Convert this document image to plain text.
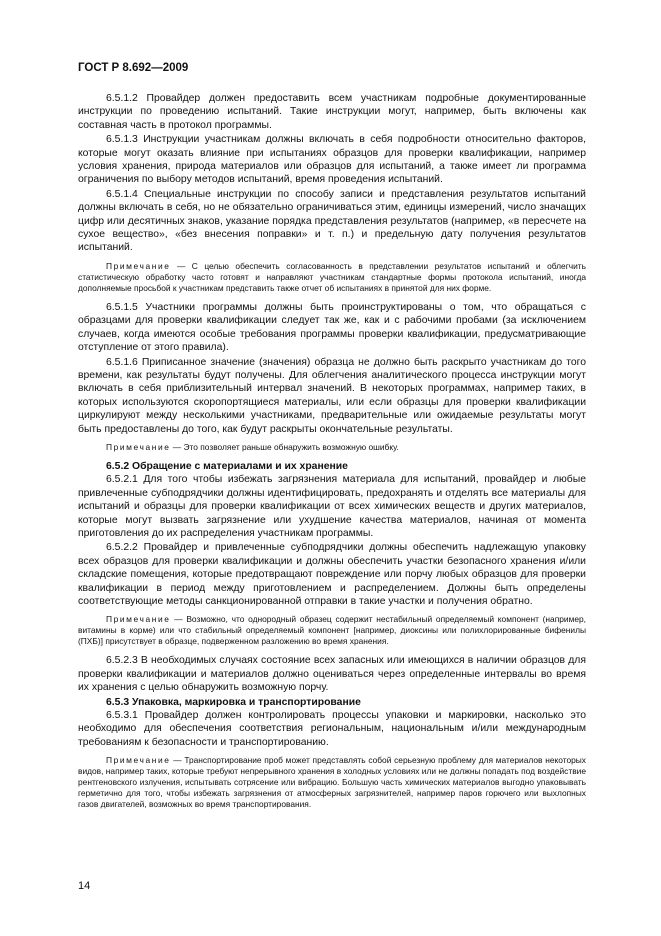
ГОСТ Р 8.692—2009

6.5.1.2 Провайдер должен предоставить всем участникам подробные документированные инструкции по проведению испытаний. Такие инструкции могут, например, быть включены как составная часть в протокол программы.

6.5.1.3 Инструкции участникам должны включать в себя подробности относительно факторов, которые могут оказать влияние при испытаниях образцов для проверки квалификации, например условия хранения, природа материалов или образцов для испытаний, а также имеет ли программа ограничения по выбору методов испытаний, время проведения испытаний.

6.5.1.4 Специальные инструкции по способу записи и представления результатов испытаний должны включать в себя, но не обязательно ограничиваться этим, единицы измерений, число значащих цифр или десятичных знаков, указание порядка представления результатов (например, «в пересчете на сухое вещество», «без внесения поправки» и т. п.) и предельную дату получения результатов испытаний.

Примечание — С целью обеспечить согласованность в представлении результатов испытаний и облегчить статистическую обработку часто готовят и направляют участникам стандартные формы протокола испытаний, иногда дополняемые просьбой к участникам представить также отчет об испытаниях в принятой для них форме.

6.5.1.5 Участники программы должны быть проинструктированы о том, что обращаться с образцами для проверки квалификации следует так же, как и с рабочими пробами (за исключением случаев, когда имеются особые требования программы проверки квалификации, предусматривающие отступление от этого правила).

6.5.1.6 Приписанное значение (значения) образца не должно быть раскрыто участникам до того времени, как результаты будут получены. Для облегчения аналитического процесса инструкции могут включать в себя приблизительный интервал значений. В некоторых программах, например таких, в которых используются скоропортящиеся материалы, или если образцы для проверки квалификации циркулируют между несколькими участниками, предварительные или ожидаемые результаты могут быть предоставлены до того, как будут раскрыты окончательные результаты.

Примечание — Это позволяет раньше обнаружить возможную ошибку.

6.5.2 Обращение с материалами и их хранение

6.5.2.1 Для того чтобы избежать загрязнения материала для испытаний, провайдер и любые привлеченные субподрядчики должны идентифицировать, предохранять и отделять все материалы для испытаний и образцы для проверки квалификации от всех химических веществ и других материалов, которые могут вызвать загрязнение или ухудшение качества материалов, начиная от момента приготовления до их распределения участникам программы.

6.5.2.2 Провайдер и привлеченные субподрядчики должны обеспечить надлежащую упаковку всех образцов для проверки квалификации и должны обеспечить участки безопасного хранения и/или складские помещения, которые предотвращают повреждение или порчу любых образцов для проверки квалификации в период между приготовлением и распределением. Должны быть определены соответствующие методы санкционированной отправки в такие участки и получения обратно.

Примечание — Возможно, что однородный образец содержит нестабильный определяемый компонент (например, витамины в корме) или что стабильный определяемый компонент [например, диоксины или полихлорированные бифенилы (ПХБ)] присутствует в образце, подверженном разложению во время хранения.

6.5.2.3 В необходимых случаях состояние всех запасных или имеющихся в наличии образцов для проверки квалификации и материалов должно оцениваться через определенные интервалы во время их хранения с целью обнаружить возможную порчу.

6.5.3 Упаковка, маркировка и транспортирование

6.5.3.1 Провайдер должен контролировать процессы упаковки и маркировки, насколько это необходимо для обеспечения соответствия региональным, национальным и/или международным требованиям к безопасности и транспортированию.

Примечание — Транспортирование проб может представлять собой серьезную проблему для материалов некоторых видов, например таких, которые требуют непрерывного хранения в холодных условиях или не должны попадать под воздействие рентгеновского излучения, испытывать сотрясение или вибрацию. Большую часть химических материалов выгодно упаковывать герметично для того, чтобы избежать загрязнения от атмосферных загрязнителей, например паров горючего или выхлопных газов двигателей, возможных во время транспортирования.

14
